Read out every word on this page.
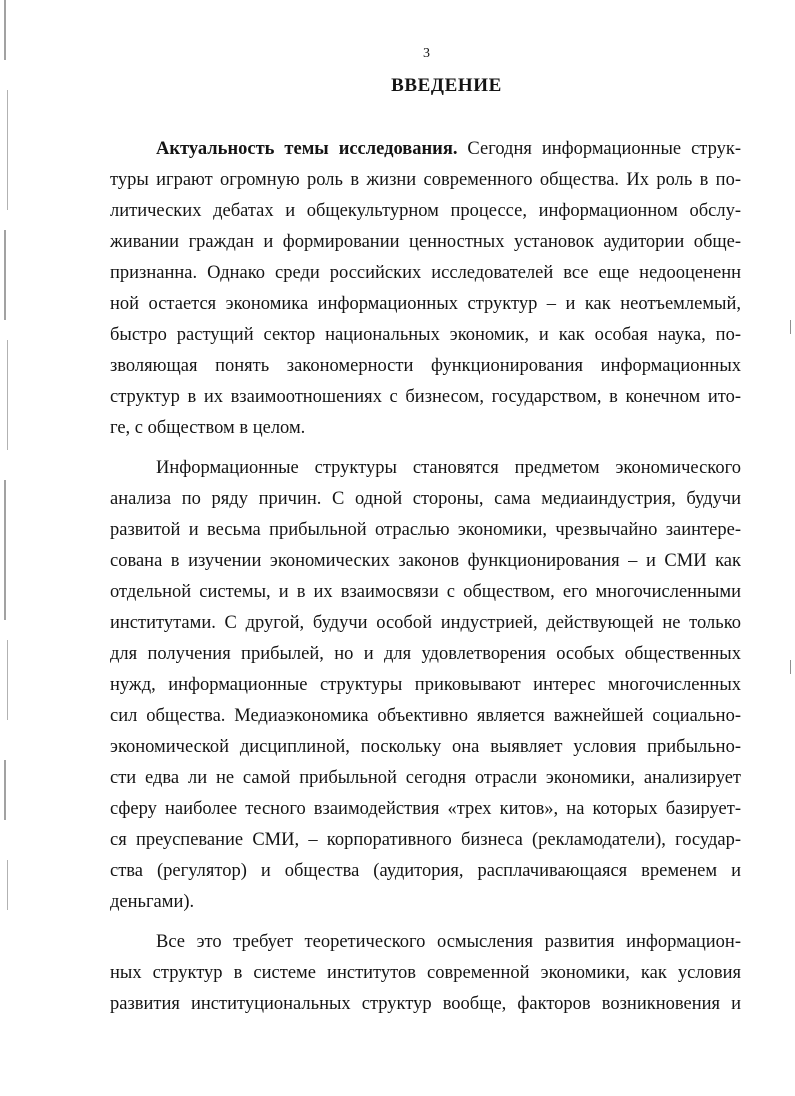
3
ВВЕДЕНИЕ

Актуальность темы исследования. Сегодня информационные струк-

туры играют огромную роль в жизни современного общества. Их роль в по-

литических дебатах и общекультурном процессе, информационном обслу-

живании граждан и формировании ценностных установок аудитории обще-

признанна. Однако среди российских исследователей все еще недооцененн

ной остается экономика информационных структур – и как неотъемлемый,

быстро растущий сектор национальных экономик, и как особая наука, по-

зволяющая понять закономерности функционирования информационных

структур в их взаимоотношениях с бизнесом, государством, в конечном ито-

ге, с обществом в целом.

Информационные структуры становятся предметом экономического

анализа по ряду причин. С одной стороны, сама медиаиндустрия, будучи

развитой и весьма прибыльной отраслью экономики, чрезвычайно заинтере-

сована в изучении экономических законов функционирования – и СМИ как

отдельной системы, и в их взаимосвязи с обществом, его многочисленными

институтами. С другой, будучи особой индустрией, действующей не только

для получения прибылей, но и для удовлетворения особых общественных

нужд, информационные структуры приковывают интерес многочисленных

сил общества. Медиаэкономика объективно является важнейшей социально-

экономической дисциплиной, поскольку она выявляет условия прибыльно-

сти едва ли не самой прибыльной сегодня отрасли экономики, анализирует

сферу наиболее тесного взаимодействия «трех китов», на которых базирует-

ся преуспевание СМИ, – корпоративного бизнеса (рекламодатели), государ-

ства (регулятор) и общества (аудитория, расплачивающаяся временем и

деньгами).

Все это требует теоретического осмысления развития информацион-

ных структур в системе институтов современной экономики, как условия

развития институциональных структур вообще, факторов возникновения и
